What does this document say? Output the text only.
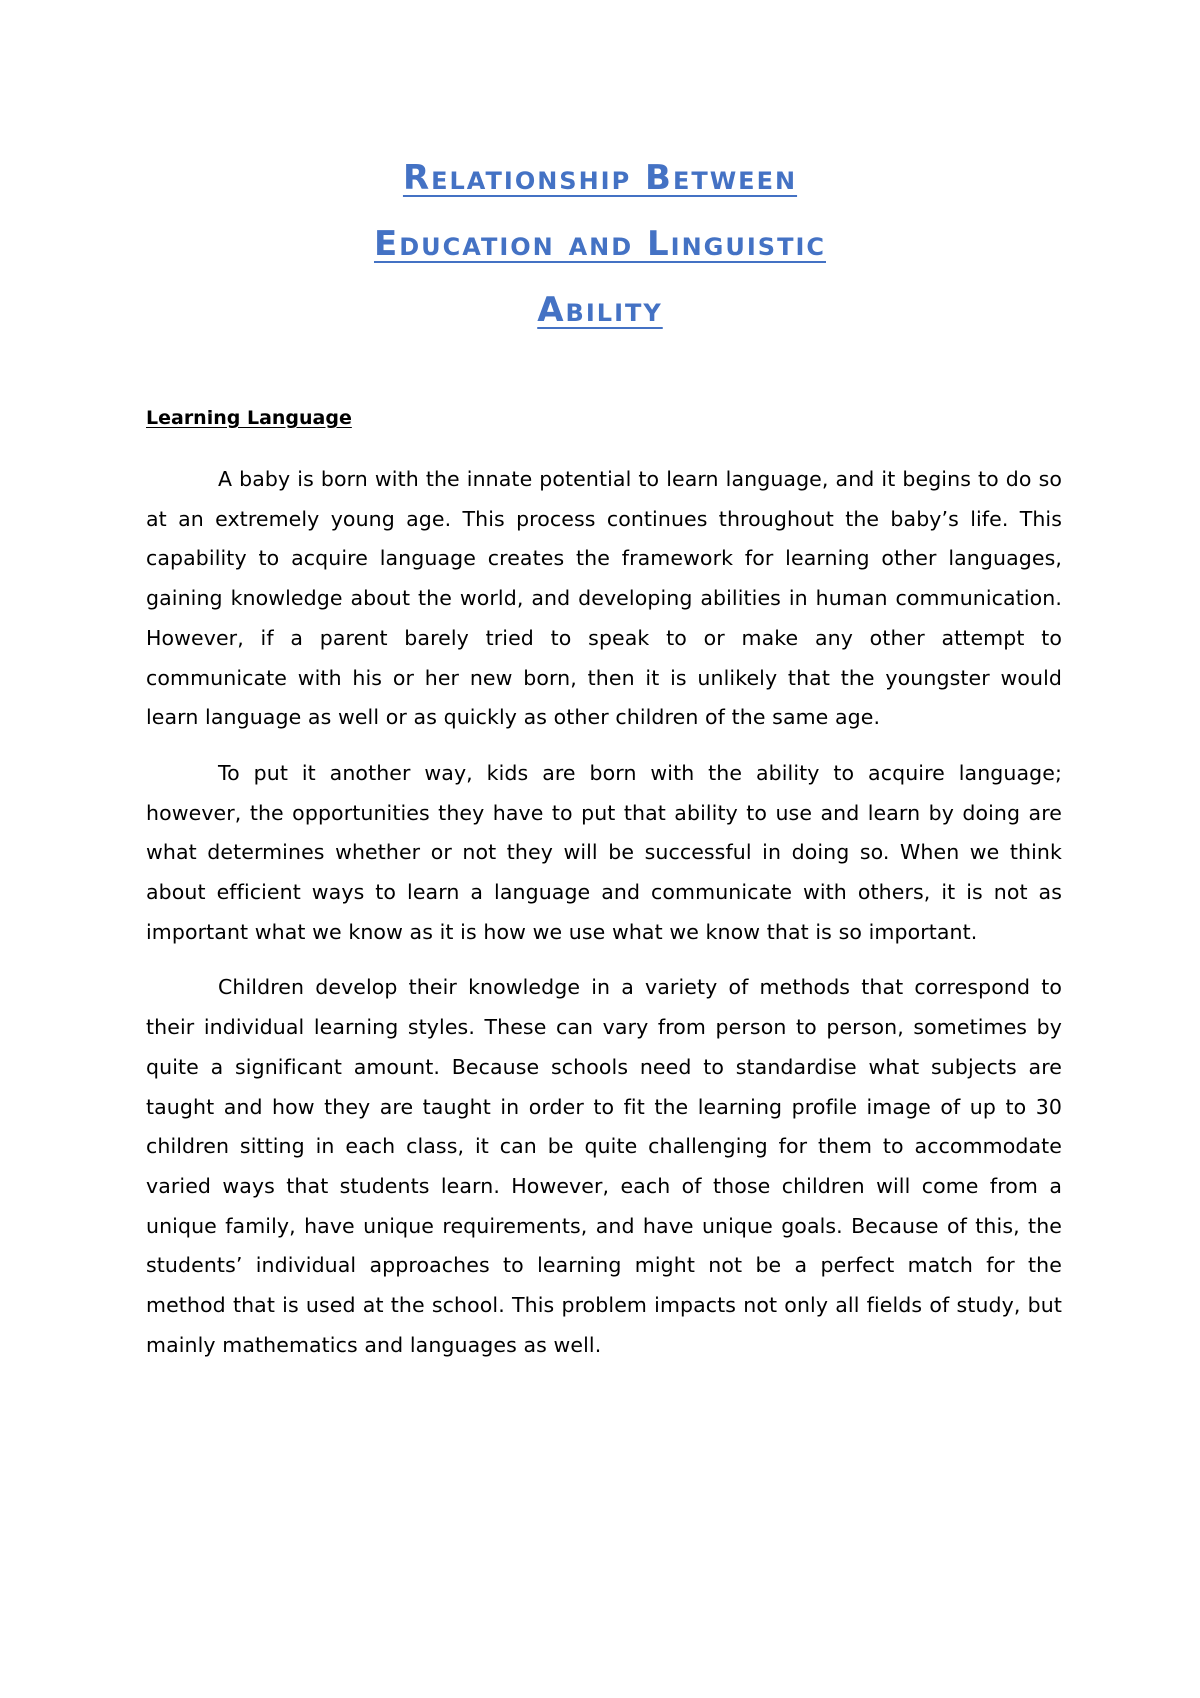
Relationship Between
Education and Linguistic
Ability
Learning Language

A baby is born with the innate potential to learn language, and it begins to do so at an extremely young age. This process continues throughout the baby’s life. This capability to acquire language creates the framework for learning other languages, gaining knowledge about the world, and developing abilities in human communication. However, if a parent barely tried to speak to or make any other attempt to communicate with his or her new born, then it is unlikely that the youngster would learn language as well or as quickly as other children of the same age.

To put it another way, kids are born with the ability to acquire language; however, the opportunities they have to put that ability to use and learn by doing are what determines whether or not they will be successful in doing so. When we think about efficient ways to learn a language and communicate with others, it is not as important what we know as it is how we use what we know that is so important.

Children develop their knowledge in a variety of methods that correspond to their individual learning styles. These can vary from person to person, sometimes by quite a significant amount. Because schools need to standardise what subjects are taught and how they are taught in order to fit the learning profile image of up to 30 children sitting in each class, it can be quite challenging for them to accommodate varied ways that students learn. However, each of those children will come from a unique family, have unique requirements, and have unique goals. Because of this, the students’ individual approaches to learning might not be a perfect match for the method that is used at the school. This problem impacts not only all fields of study, but mainly mathematics and languages as well.
